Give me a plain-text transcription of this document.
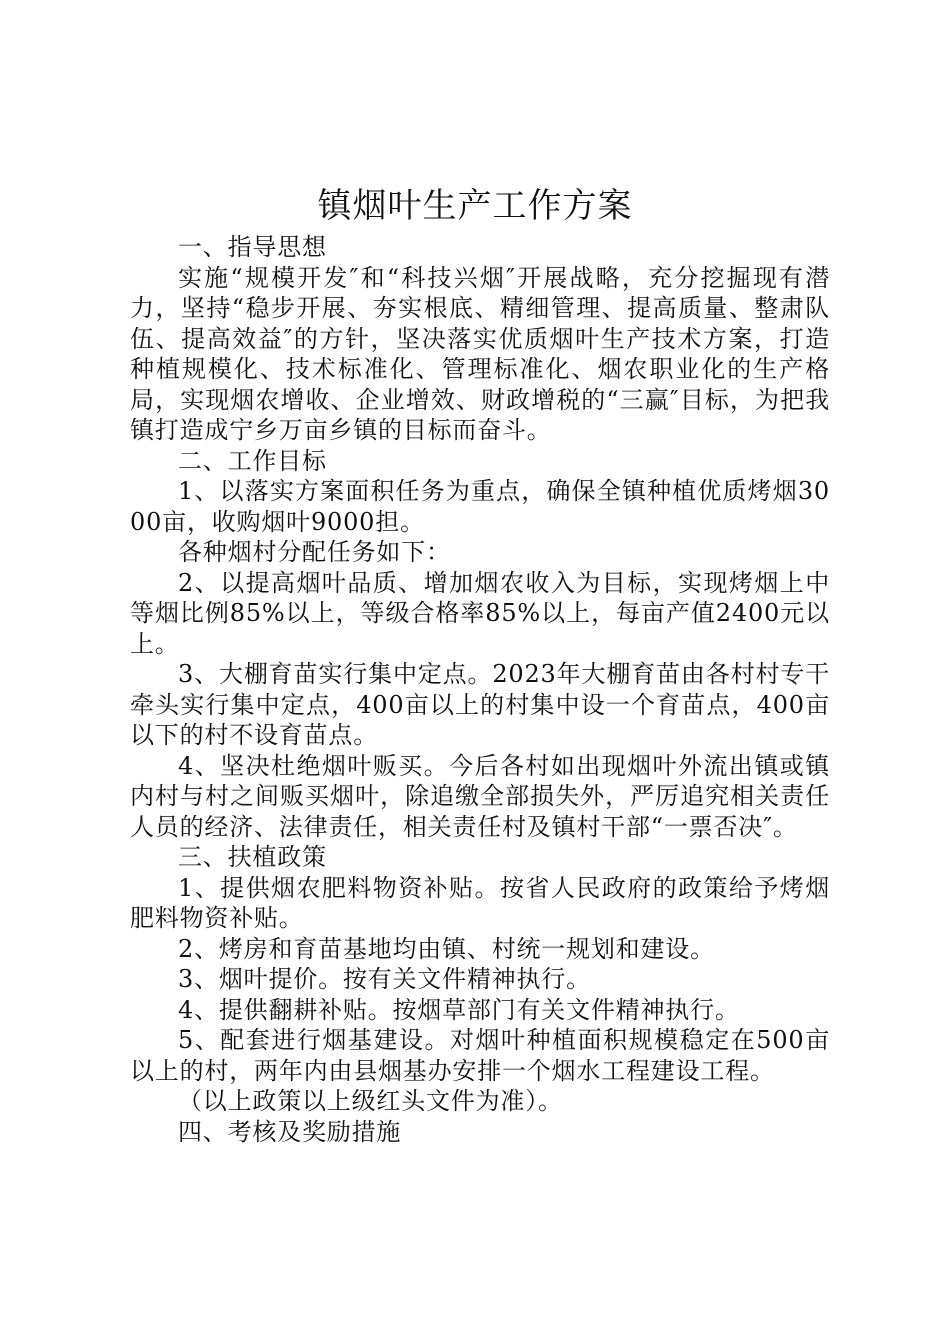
镇烟叶生产工作方案

一、指导思想

实施“规模开发″和“科技兴烟″开展战略，充分挖掘现有潜力，坚持“稳步开展、夯实根底、精细管理、提高质量、整肃队伍、提高效益″的方针，坚决落实优质烟叶生产技术方案，打造种植规模化、技术标准化、管理标准化、烟农职业化的生产格局，实现烟农增收、企业增效、财政增税的“三赢″目标，为把我镇打造成宁乡万亩乡镇的目标而奋斗。

二、工作目标

1、以落实方案面积任务为重点，确保全镇种植优质烤烟3000亩，收购烟叶9000担。

各种烟村分配任务如下：

2、以提高烟叶品质、增加烟农收入为目标，实现烤烟上中等烟比例85%以上，等级合格率85%以上，每亩产值2400元以上。

3、大棚育苗实行集中定点。2023年大棚育苗由各村村专干牵头实行集中定点，400亩以上的村集中设一个育苗点，400亩以下的村不设育苗点。

4、坚决杜绝烟叶贩买。今后各村如出现烟叶外流出镇或镇内村与村之间贩买烟叶，除追缴全部损失外，严厉追究相关责任人员的经济、法律责任，相关责任村及镇村干部“一票否决″。

三、扶植政策

1、提供烟农肥料物资补贴。按省人民政府的政策给予烤烟肥料物资补贴。

2、烤房和育苗基地均由镇、村统一规划和建设。

3、烟叶提价。按有关文件精神执行。

4、提供翻耕补贴。按烟草部门有关文件精神执行。

5、配套进行烟基建设。对烟叶种植面积规模稳定在500亩以上的村，两年内由县烟基办安排一个烟水工程建设工程。

（以上政策以上级红头文件为准）。

四、考核及奖励措施
